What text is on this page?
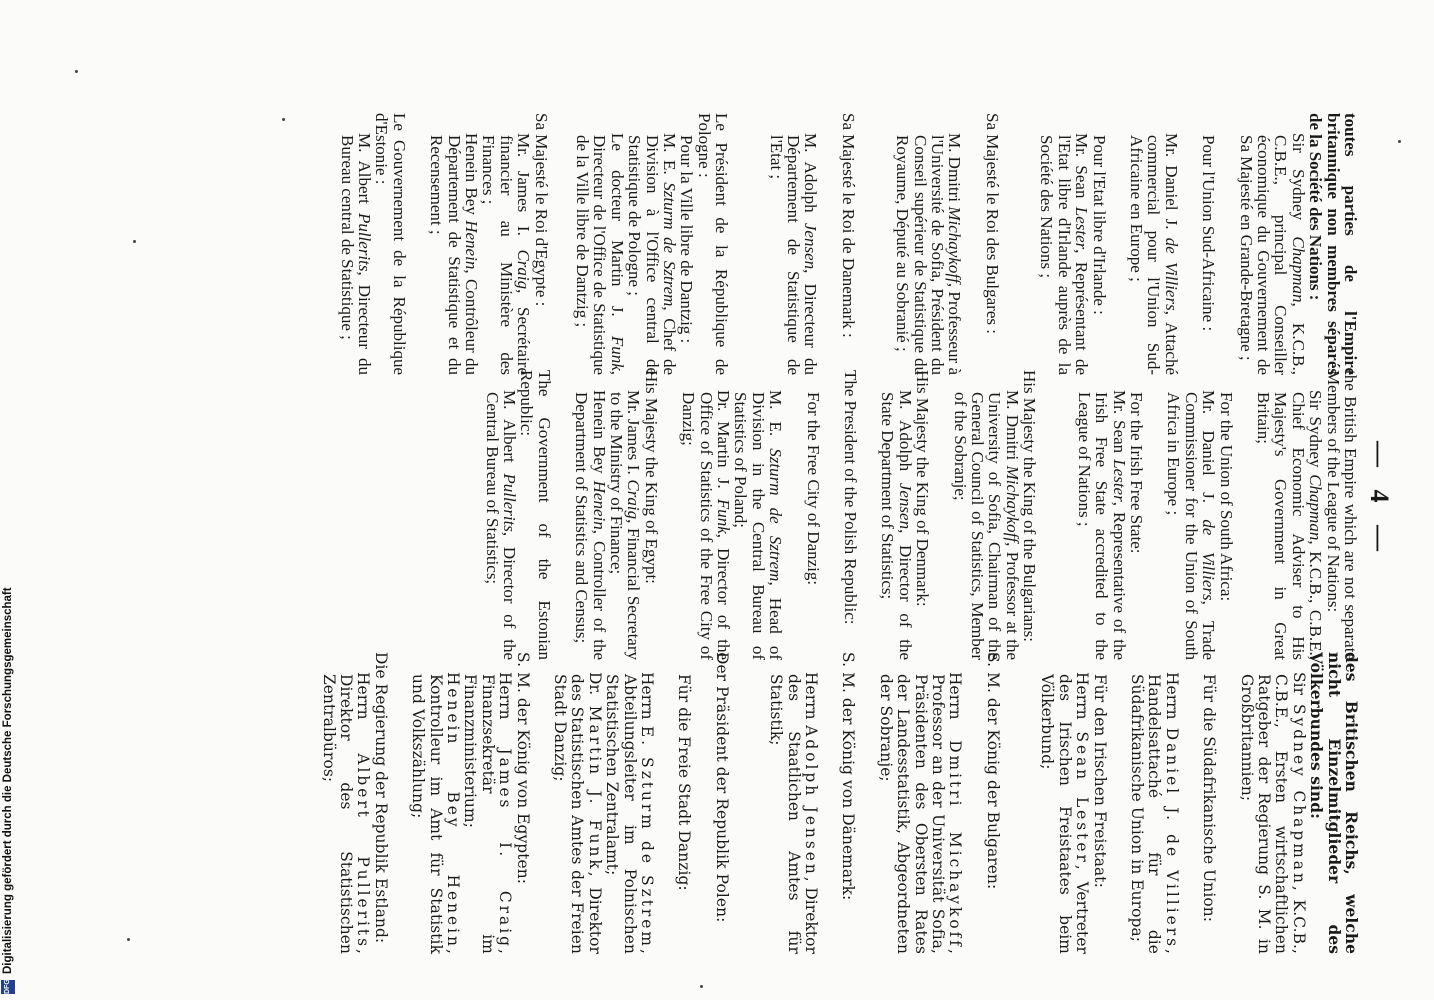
— 4 —

toutes parties de l'Empire britannique non membres séparés de la Société des Nations :

Sir Sydney Chapman, K.C.B., C.B.E., principal Conseiller économique du Gouvernement de Sa Majesté en Grande-Bretagne ;

Pour l'Union Sud-Africaine :

Mr. Daniel J. de Villiers, Attaché commercial pour l'Union Sud-Africaine en Europe ;

Pour l'Etat libre d'Irlande :

Mr. Sean Lester, Représentant de l'Etat libre d'Irlande auprès de la Société des Nations ;

Sa Majesté le Roi des Bulgares :

M. Dmitri Michaykoff, Professeur à l'Université de Sofia, Président du Conseil supérieur de Statistique du Royaume, Député au Sobranié ;

Sa Majesté le Roi de Danemark :

M. Adolph Jensen, Directeur du Département de Statistique de l'Etat ;

Le Président de la République de Pologne :

Pour la Ville libre de Dantzig :

M. E. Szturm de Sztrem, Chef de Division à l'Office central de Statistique de Pologne ;

Le docteur Martin J. Funk, Directeur de l'Office de Statistique de la Ville libre de Dantzig ;

Sa Majesté le Roi d'Egypte :

Mr. James I. Craig, Secrétaire financier au Ministère des Finances ;

Henein Bey Henein, Contrôleur du Département de Statistique et du Recensement ;

Le Gouvernement de la République d'Estonie :

M. Albert Pullerits, Directeur du Bureau central de Statistique ;

the British Empire which are not separate Members of the League of Nations:

Sir Sydney Chapman, K.C.B., C.B.E., Chief Economic Adviser to His Majesty's Government in Great Britain;

For the Union of South Africa:

Mr. Daniel J. de Villiers, Trade Commissioner for the Union of South Africa in Europe ;

For the Irish Free State:

Mr. Sean Lester, Representative of the Irish Free State accredited to the League of Nations ;

His Majesty the King of the Bulgarians:

M. Dmitri Michaykoff, Professor at the University of Sofia, Chairman of the General Council of Statistics, Member of the Sobranje;

His Majesty the King of Denmark:

M. Adolph Jensen, Director of the State Department of Statistics;

The President of the Polish Republic:

For the Free City of Danzig:

M. E. Szturm de Sztrem, Head of Division in the Central Bureau of Statistics of Poland;

Dr. Martin J. Funk, Director of the Office of Statistics of the Free City of Danzig;

His Majesty the King of Egypt:

Mr. James I. Craig, Financial Secretary to the Ministry of Finance;

Henein Bey Henein, Controller of the Department of Statistics and Census;

The Government of the Estonian Republic:

M. Albert Pullerits, Director of the Central Bureau of Statistics;

des Britischen Reichs, welche nicht Einzelmitglieder des Völkerbundes sind:

Sir Sydney Chapman, K.C.B., C.B.E., Ersten wirtschaftlichen Ratgeber der Regierung S. M. in Großbritannien;

Für die Südafrikanische Union:

Herrn Daniel J. de Villiers, Handelsattaché für die Südafrikanische Union in Europa;

Für den Irischen Freistaat:

Herrn Sean Lester, Vertreter des Irischen Freistaates beim Völkerbund;

S. M. der König der Bulgaren:

Herrn Dmitri Michaykoff, Professor an der Universität Sofia, Präsidenten des Obersten Rates der Landesstatistik, Abgeordneten der Sobranje;

S. M. der König von Dänemark:

Herrn Adolph Jensen, Direktor des Staatlichen Amtes für Statistik;

Der Präsident der Republik Polen:

Für die Freie Stadt Danzig:

Herrn E. Szturm de Sztrem, Abteilungsleiter im Polnischen Statistischen Zentralamt;

Dr. Martin J. Funk, Direktor des Statistischen Amtes der Freien Stadt Danzig;

S. M. der König von Egypten:

Herrn James I. Craig, Finanzsekretär im Finanzministerium;

Henein Bey Henein, Kontrolleur im Amt für Statistik und Volkszählung;

Die Regierung der Republik Estland:

Herrn Albert Pullerits, Direktor des Statistischen Zentralbüros;

DFG
Digitalisierung gefördert durch die Deutsche Forschungsgemeinschaft
